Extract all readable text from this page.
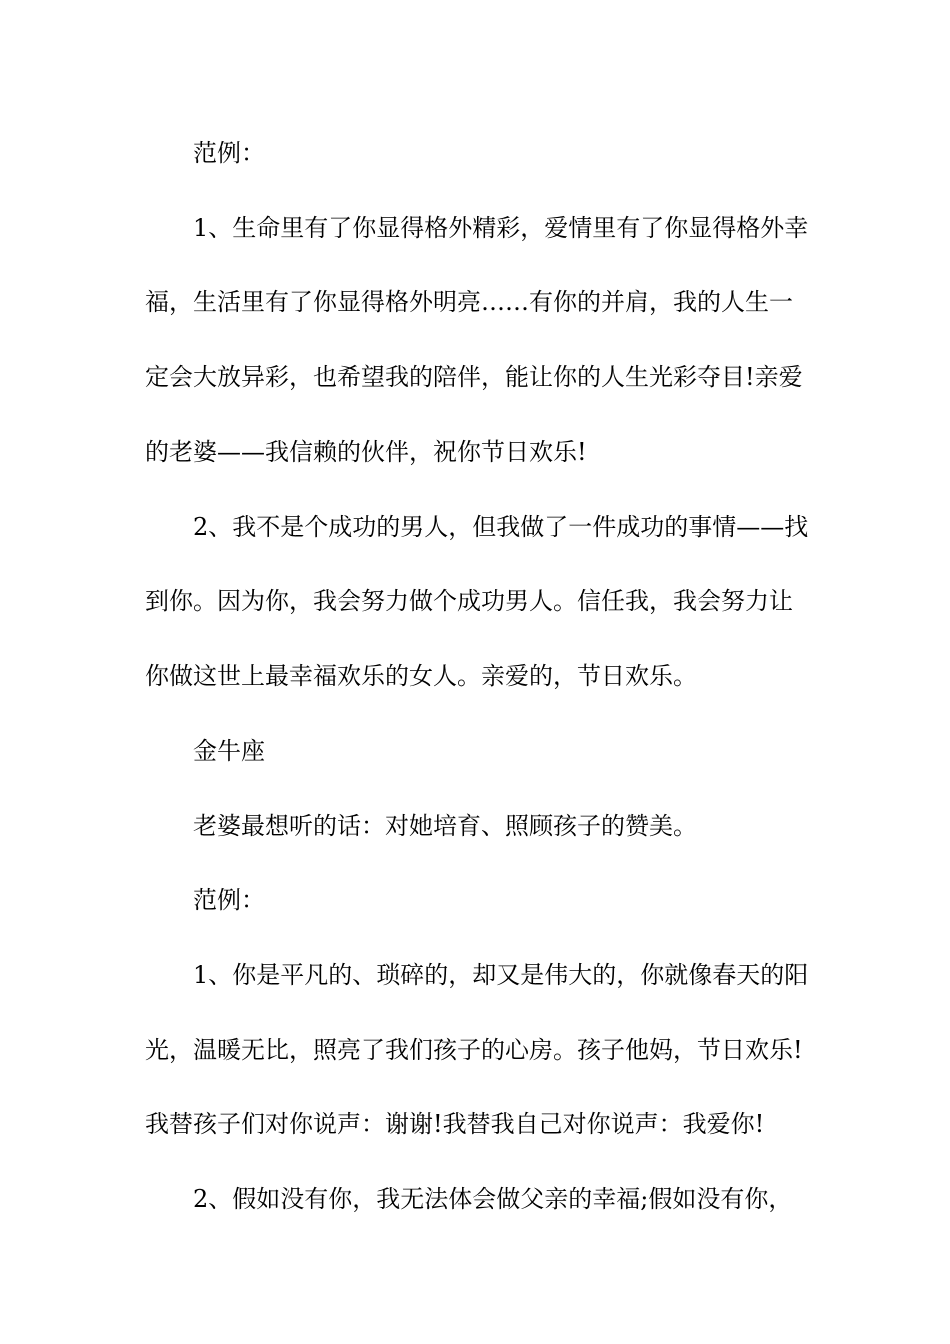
范例：
1、生命里有了你显得格外精彩，爱情里有了你显得格外幸
福，生活里有了你显得格外明亮……有你的并肩，我的人生一
定会大放异彩，也希望我的陪伴，能让你的人生光彩夺目!亲爱
的老婆——我信赖的伙伴，祝你节日欢乐!
2、我不是个成功的男人，但我做了一件成功的事情——找
到你。因为你，我会努力做个成功男人。信任我，我会努力让
你做这世上最幸福欢乐的女人。亲爱的，节日欢乐。
金牛座
老婆最想听的话：对她培育、照顾孩子的赞美。
范例：
1、你是平凡的、琐碎的，却又是伟大的，你就像春天的阳
光，温暖无比，照亮了我们孩子的心房。孩子他妈，节日欢乐!
我替孩子们对你说声：谢谢!我替我自己对你说声：我爱你!
2、假如没有你，我无法体会做父亲的幸福;假如没有你，
